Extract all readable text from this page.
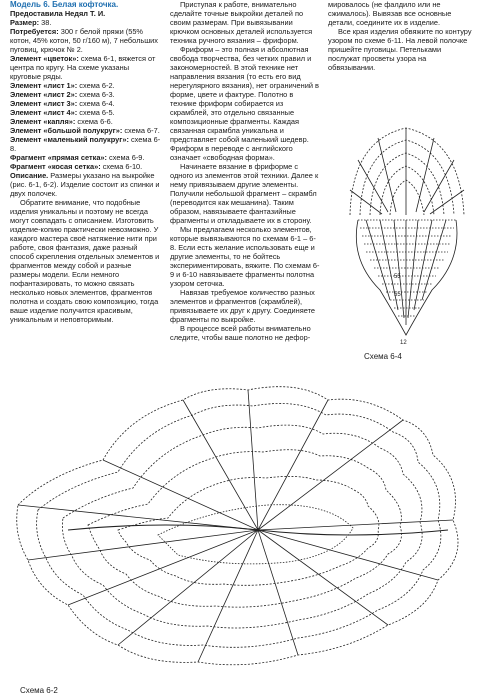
Модель 6. Белая кофточка.

Предоставила Недял Т. И.

Размер: 38.

Потребуется: 300 г белой пряжи (55% котон, 45% котон, 50 г/160 м), 7 небольших пуговиц, крючок № 2.

Элемент «цветок»: схема 6-1, вяжется от центра по кругу. На схеме указаны круговые ряды.

Элемент «лист 1»: схема 6-2.

Элемент «лист 2»: схема 6-3.

Элемент «лист 3»: схема 6-4.

Элемент «лист 4»: схема 6-5.

Элемент «капля»: схема 6-6.

Элемент «большой полукруг»: схема 6-7.

Элемент «маленький полукруг»: схема 6-8.

Фрагмент «прямая сетка»: схема 6-9.

Фрагмент «косая сетка»: схема 6-10.

Описание. Размеры указано на выкройке (рис. 6-1, 6-2). Изделие состоит из спинки и двух полочек.

Обратите внимание, что подобные изделия уникальны и поэтому не всегда могут совпадать с описанием. Изготовить изделие-копию практически невозможно. У каждого мастера своё натяжение нити при работе, своя фантазия, даже разный способ скрепления отдельных элементов и фрагментов между собой и разные размеры модели. Если немного пофантазировать, то можно связать несколько новых элементов, фрагментов полотна и создать свою композицию, тогда ваше изделие получится красивым, уникальным и неповторимым.

Приступая к работе, внимательно сделайте точные выкройки деталей по своим размерам. При вывязывании крючком основных деталей используется техника ручного вязания – фриформ.

Фриформ – это полная и абсолютная свобода творчества, без четких правил и закономерностей. В этой технике нет направления вязания (то есть его вид нерегулярного вязания), нет ограничений в форме, цвете и фактуре. Полотно в технике фриформ собирается из скрамблей, это отдельно связанные композиционные фрагменты. Каждая связанная скрамбла уникальна и представляет собой маленький шедевр. Фриформ в переводе с английского означает «свободная форма».

Начинаете вязание в фриформе с одного из элементов этой техники. Далее к нему привязываем другие элементы. Получили небольшой фрагмент – скрамбл (переводится как мешанина). Таким образом, навязываете фантазийные фрагменты и откладываете их в сторону.

Мы предлагаем несколько элементов, которые вывязываются по схемам 6-1 – 6-8. Если есть желание использовать еще и другие элементы, то не бойтесь экспериментировать, вяжите. По схемам 6-9 и 6-10 навязываете фрагменты полотна узором сеточка.

Навязав требуемое количество разных элементов и фрагментов (скрамблей), привязываете их друг к другу. Соединяете фрагменты по выкройке.

В процессе всей работы внимательно следите, чтобы ваше полотно не дефор-

мировалось (не фалдило или не сжималось). Вывязав все основные детали, соедините их в изделие.

Все края изделия обвяжите по контуру узором по схеме 6-11. На левой полочке пришейте пуговицы. Петельками послужат просветы узора на обвязывании.

55
55
12
Схема 6-4
Схема 6-2
